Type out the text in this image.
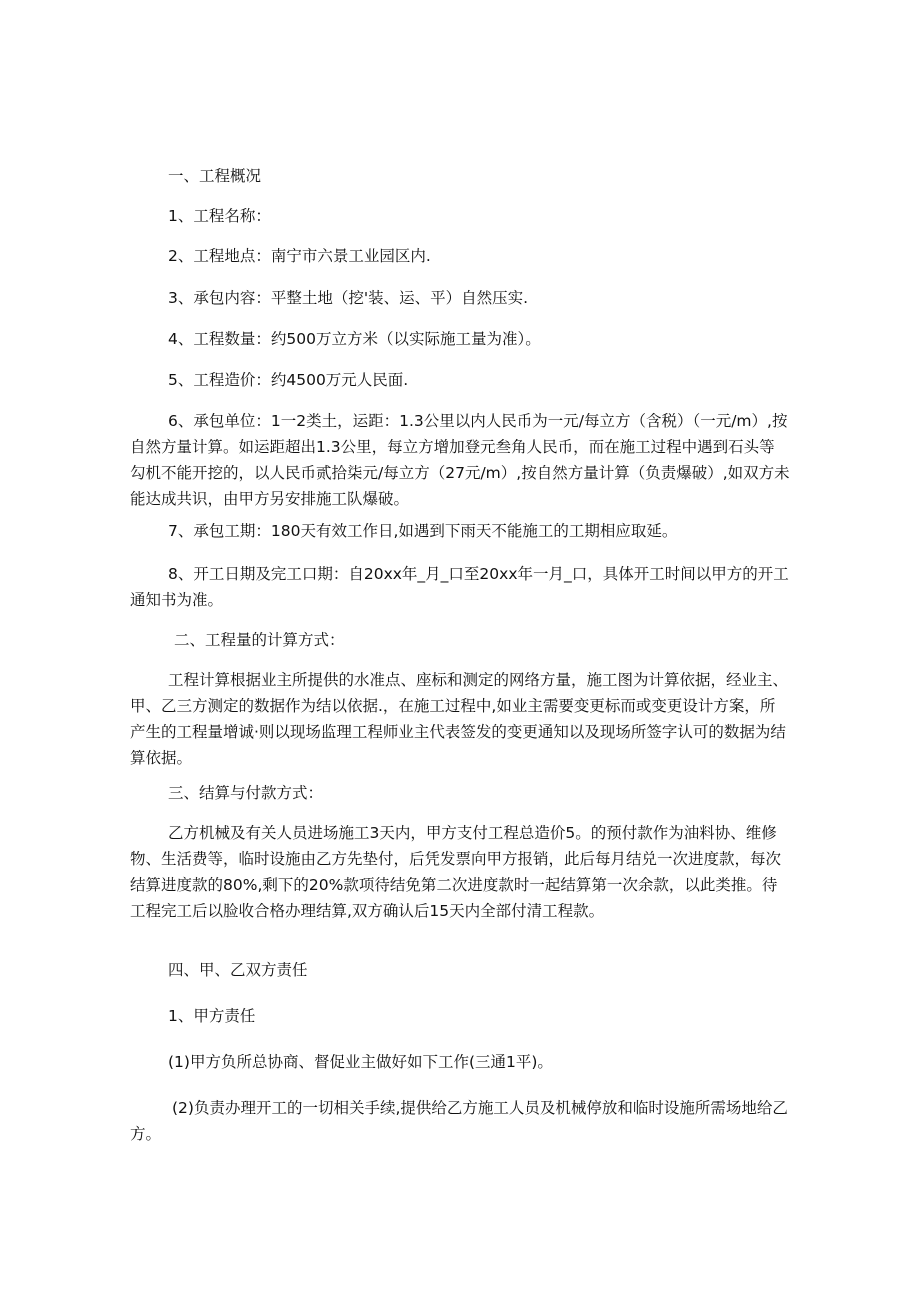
一、工程概况

1、工程名称：

2、工程地点：南宁市六景工业园区内.

3、承包内容：平整土地（挖'装、运、平）自然压实.

4、工程数量：约500万立方米（以实际施工量为准）。

5、工程造价：约4500万元人民面.

6、承包单位：1一2类土，运距：1.3公里以内人民币为一元/每立方（含税）（一元/m）,按自然方量计算。如运距超出1.3公里，每立方增加登元叁角人民币，而在施工过程中遇到石头等勾机不能开挖的，以人民币贰拾柒元/每立方（27元/m）,按自然方量计算（负责爆破）,如双方未能达成共识，由甲方另安排施工队爆破。

7、承包工期：180天有效工作日,如遇到下雨天不能施工的工期相应取延。

8、开工日期及完工口期：自20xx年_月_口至20xx年一月_口，具体开工时间以甲方的开工通知书为准。

二、工程量的计算方式：

工程计算根据业主所提供的水准点、座标和测定的网络方量，施工图为计算依据，经业主、甲、乙三方测定的数据作为结以依据.，在施工过程中,如业主需要变更标而或变更设计方案，所产生的工程量增诚·则以现场监理工程师业主代表签发的变更通知以及现场所签字认可的数据为结算依据。

三、结算与付款方式：

乙方机械及有关人员进场施工3天内，甲方支付工程总造价5。的预付款作为油料协、维修物、生活费等，临时设施由乙方先垫付，后凭发票向甲方报销，此后每月结兑一次进度款，每次结算进度款的80%,剩下的20%款项待结免第二次进度款时一起结算第一次余款，以此类推。待工程完工后以脸收合格办理结算,双方确认后15天内全部付清工程款。

四、甲、乙双方责任

1、甲方责任

(1)甲方负所总协商、督促业主做好如下工作(三通1平)。

(2)负责办理开工的一切相关手续,提供给乙方施工人员及机械停放和临时设施所需场地给乙方。
